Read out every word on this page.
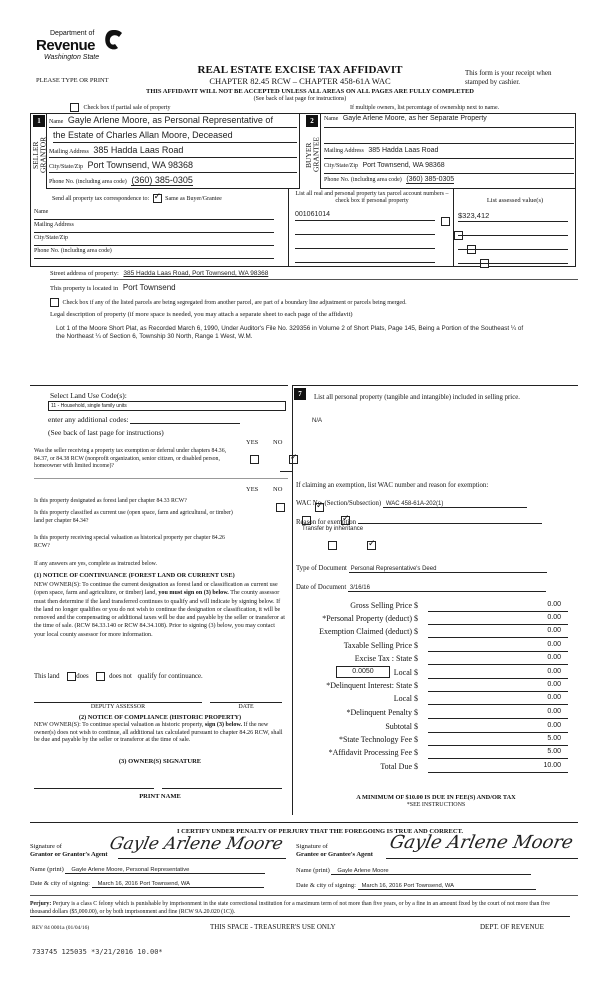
Department of
Revenue
Washington State
REAL ESTATE EXCISE TAX AFFIDAVIT
PLEASE TYPE OR PRINT	CHAPTER 82.45 RCW – CHAPTER 458-61A WAC
This form is your receipt when stamped by cashier.
THIS AFFIDAVIT WILL NOT BE ACCEPTED UNLESS ALL AREAS ON ALL PAGES ARE FULLY COMPLETED
(See back of last page for instructions)
Check box if partial sale of property	If multiple owners, list percentage of ownership next to name.
1
SELLER GRANTOR
Name Gayle Arlene Moore, as Personal Representative of
the Estate of Charles Allan Moore, Deceased
Mailing Address 385 Hadda Laas Road
City/State/Zip Port Townsend, WA 98368
Phone No. (including area code) (360) 385-0305
2
BUYER GRANTEE
Name Gayle Arlene Moore, as her Separate Property
Mailing Address 385 Hadda Laas Road
City/State/Zip Port Townsend, WA 98368
Phone No. (including area code) (360) 385-0305
Send all property tax correspondence to: ✓	Same as Buyer/Grantee
Name
Mailing Address
City/State/Zip
Phone No. (including area code)
List all real and personal property tax parcel account numbers – check box if personal property
001061014

List assessed value(s)
$323,412
Street address of property: 385 Hadda Laas Road, Port Townsend, WA 98368
This property is located in Port Townsend
Check box if any of the listed parcels are being segregated from another parcel, are part of a boundary line adjustment or parcels being merged.
Legal description of property (if more space is needed, you may attach a separate sheet to each page of the affidavit)
Lot 1 of the Moore Short Plat, as Recorded March 6, 1990, Under Auditor's File No. 329356 in Volume 2 of Short Plats, Page 145, Being a Portion of the Southeast ¼ of the Northeast ¼ of Section 6, Township 30 North, Range 1 West, W.M.
Select Land Use Code(s):
11 - Household, single family units
enter any additional codes:
(See back of last page for instructions)
YES NO
Was the seller receiving a property tax exemption or deferral under chapters 84.36, 84.37, or 84.38 RCW (nonprofit organization, senior citizen, or disabled person, homeowner with limited income)?
✓
YES NO
Is this property designated as forest land per chapter 84.33 RCW?
✓
Is this property classified as current use (open space, farm and agricultural, or timber) land per chapter 84.34?
✓
Is this property receiving special valuation as historical property per chapter 84.26 RCW?
✓
If any answers are yes, complete as instructed below.
(1) NOTICE OF CONTINUANCE (FOREST LAND OR CURRENT USE)
NEW OWNER(S): To continue the current designation as forest land or classification as current use (open space, farm and agriculture, or timber) land, you must sign on (3) below. The county assessor must then determine if the land transferred continues to qualify and will indicate by signing below. If the land no longer qualifies or you do not wish to continue the designation or classification, it will be removed and the compensating or additional taxes will be due and payable by the seller or transferor at the time of sale. (RCW 84.33.140 or RCW 84.34.108). Prior to signing (3) below, you may contact your local county assessor for more information.
This land does	does not qualify for continuance.
DEPUTY ASSESSOR	DATE
(2) NOTICE OF COMPLIANCE (HISTORIC PROPERTY)
NEW OWNER(S): To continue special valuation as historic property, sign (3) below. If the new owner(s) does not wish to continue, all additional tax calculated pursuant to chapter 84.26 RCW, shall be due and payable by the seller or transferor at the time of sale.
(3) OWNER(S) SIGNATURE
PRINT NAME
7	List all personal property (tangible and intangible) included in selling price.
N/A
If claiming an exemption, list WAC number and reason for exemption:
WAC No. (Section/Subsection) WAC 458-61A-202(1)
Reason for exemption
Transfer by inheritance
Type of Document Personal Representative's Deed
Date of Document 3/16/16
Gross Selling Price $	0.00
*Personal Property (deduct) $	0.00
Exemption Claimed (deduct) $	0.00
Taxable Selling Price $	0.00
Excise Tax : State $	0.00
0.0050	Local $	0.00
*Delinquent Interest: State $	0.00
Local $	0.00
*Delinquent Penalty $	0.00
Subtotal $	0.00
*State Technology Fee $	5.00
*Affidavit Processing Fee $	5.00
Total Due $	10.00
A MINIMUM OF $10.00 IS DUE IN FEE(S) AND/OR TAX
*SEE INSTRUCTIONS
I CERTIFY UNDER PENALTY OF PERJURY THAT THE FOREGOING IS TRUE AND CORRECT.
Signature of
Grantor or Grantor's Agent
Gayle Arlene Moore
Name (print) Gayle Arlene Moore, Personal Representative
Date & city of signing: March 16, 2016 Port Townsend, WA
Signature of
Grantee or Grantee's Agent
Gayle Arlene Moore
Name (print) Gayle Arlene Moore
Date & city of signing: March 16, 2016 Port Townsend, WA
Perjury: Perjury is a class C felony which is punishable by imprisonment in the state correctional institution for a maximum term of not more than five years, or by a fine in an amount fixed by the court of not more than five thousand dollars ($5,000.00), or by both imprisonment and fine (RCW 9A.20.020 (1C)).
REV 84 0001a (01/04/16)	THIS SPACE - TREASURER'S USE ONLY	DEPT. OF REVENUE
733745 125035 *3/21/2016 10.00*
